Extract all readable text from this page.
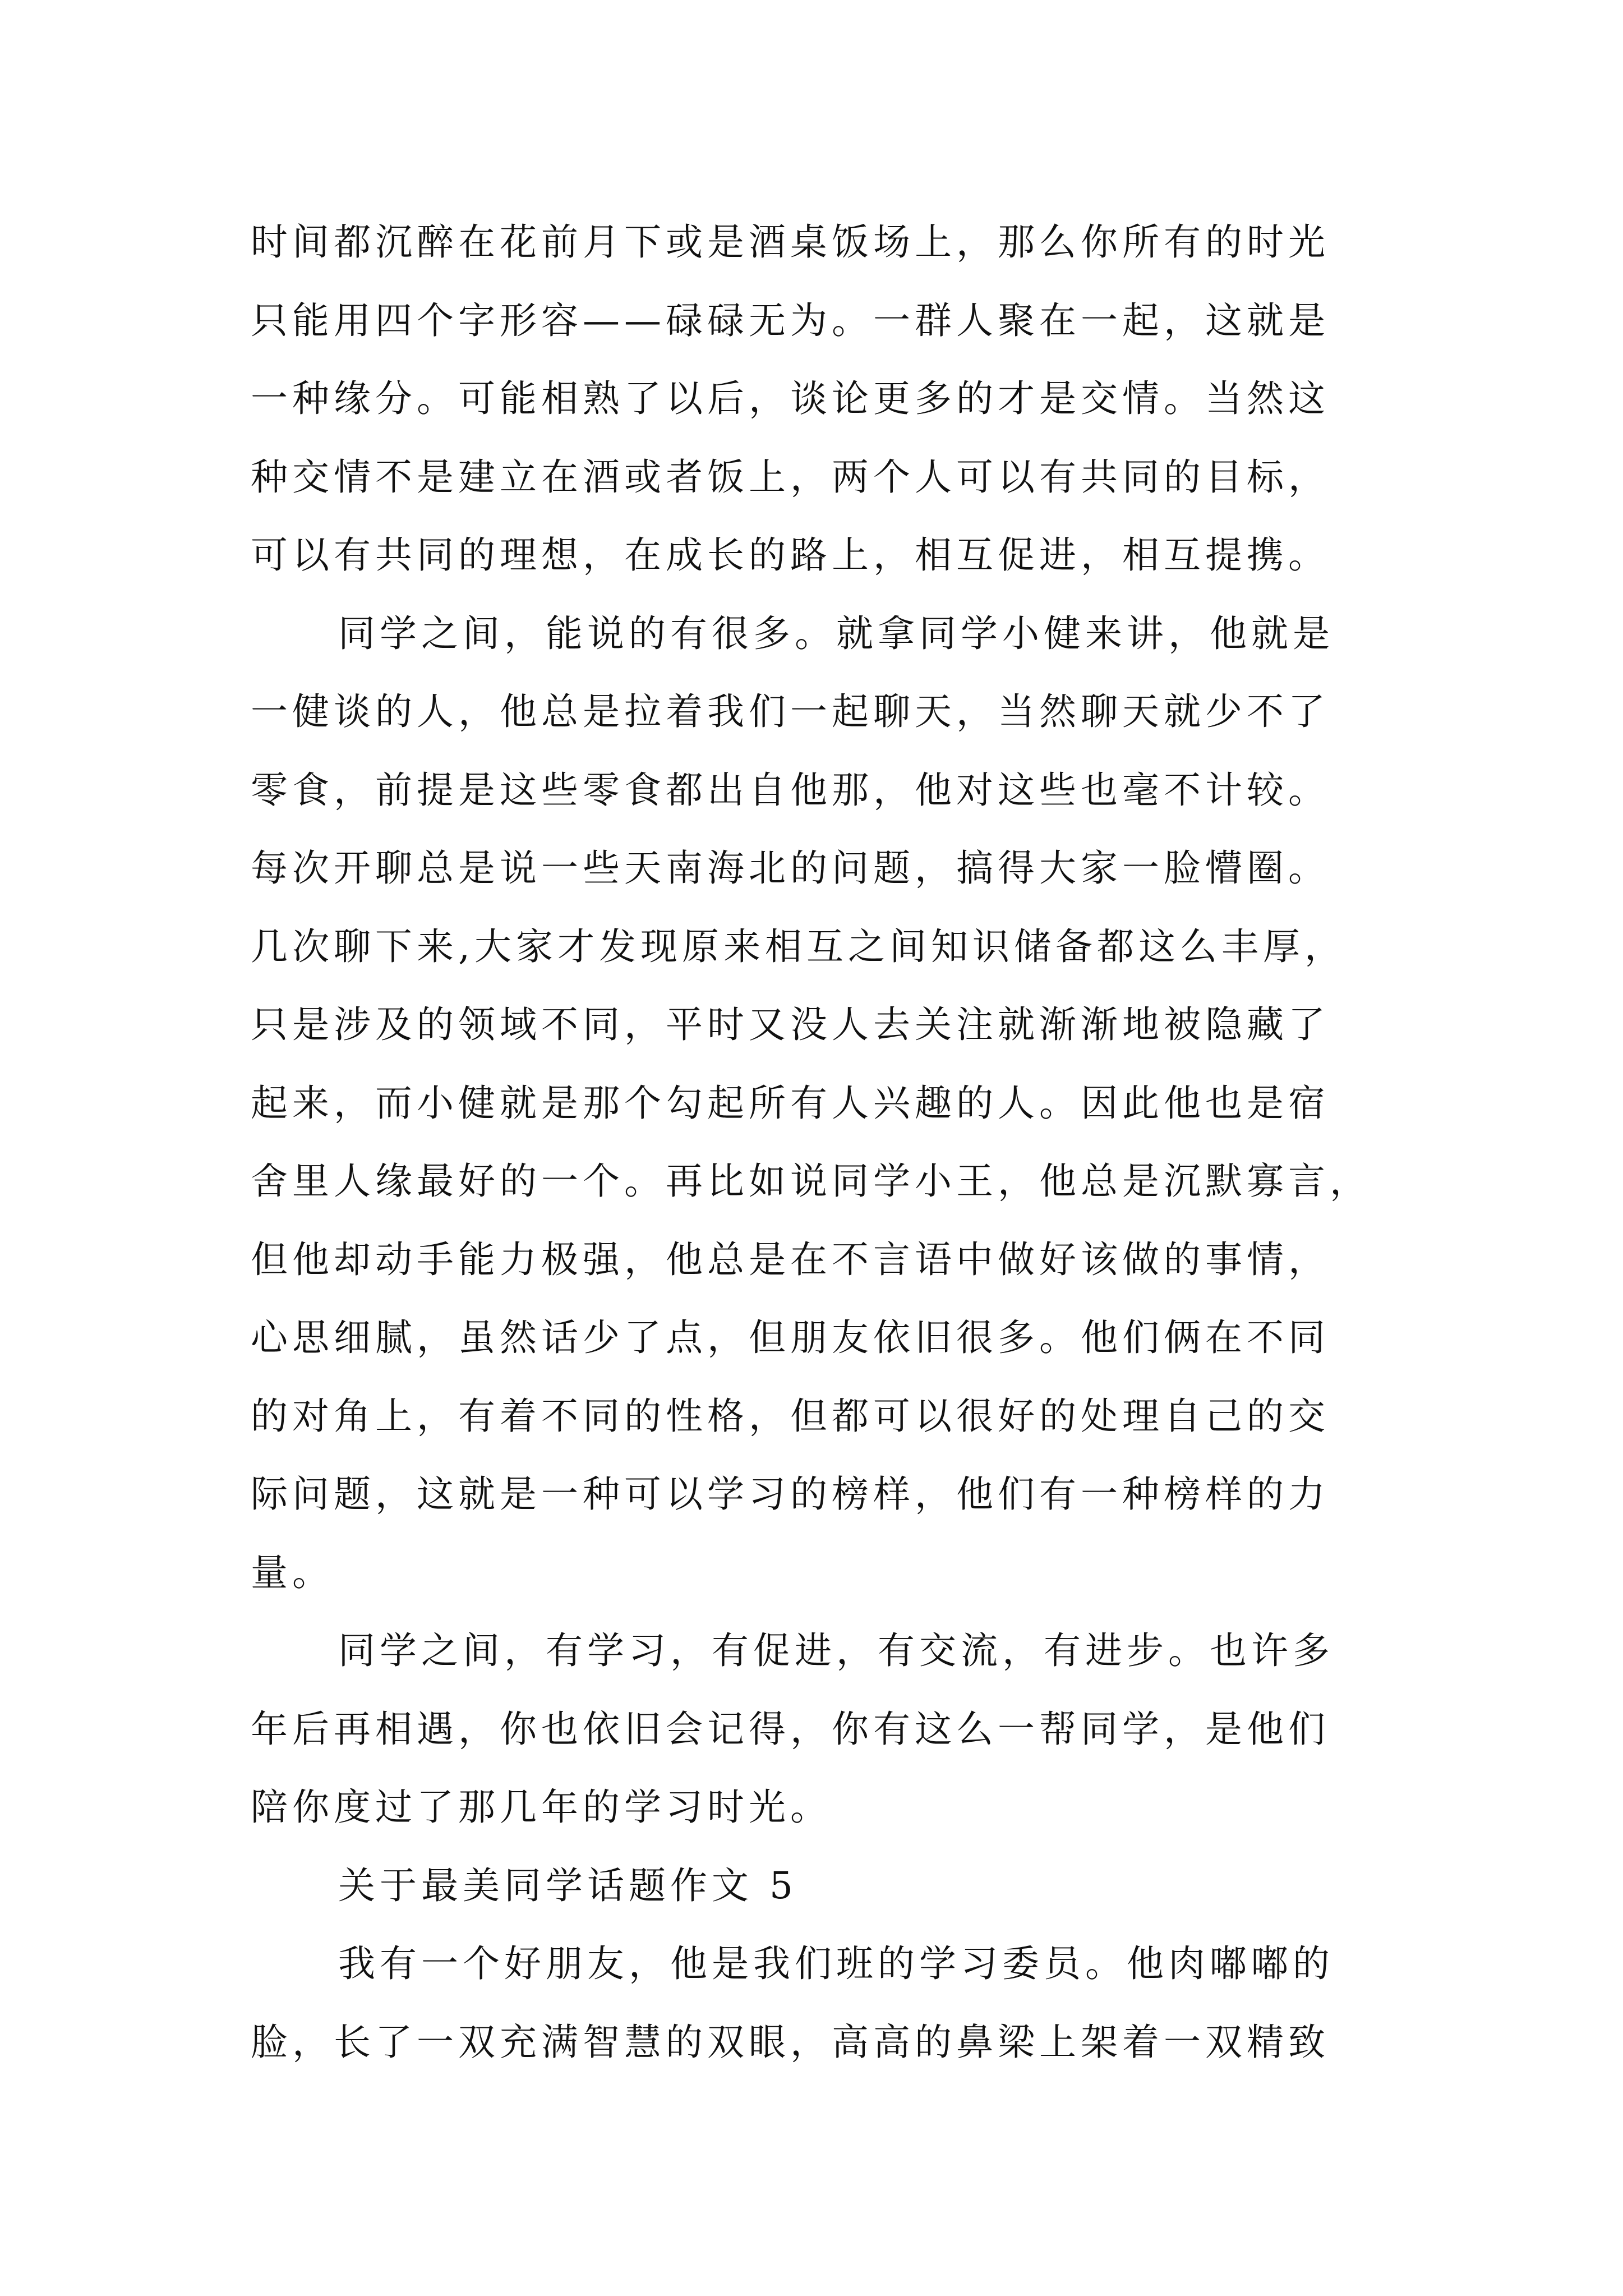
时间都沉醉在花前月下或是酒桌饭场上，那么你所有的时光
只能用四个字形容——碌碌无为。一群人聚在一起，这就是
一种缘分。可能相熟了以后，谈论更多的才是交情。当然这
种交情不是建立在酒或者饭上，两个人可以有共同的目标，
可以有共同的理想，在成长的路上，相互促进，相互提携。
同学之间，能说的有很多。就拿同学小健来讲，他就是
一健谈的人，他总是拉着我们一起聊天，当然聊天就少不了
零食，前提是这些零食都出自他那，他对这些也毫不计较。
每次开聊总是说一些天南海北的问题，搞得大家一脸懵圈。
几次聊下来,大家才发现原来相互之间知识储备都这么丰厚，
只是涉及的领域不同，平时又没人去关注就渐渐地被隐藏了
起来，而小健就是那个勾起所有人兴趣的人。因此他也是宿
舍里人缘最好的一个。再比如说同学小王，他总是沉默寡言，
但他却动手能力极强，他总是在不言语中做好该做的事情，
心思细腻，虽然话少了点，但朋友依旧很多。他们俩在不同
的对角上，有着不同的性格，但都可以很好的处理自己的交
际问题，这就是一种可以学习的榜样，他们有一种榜样的力
量。
同学之间，有学习，有促进，有交流，有进步。也许多
年后再相遇，你也依旧会记得，你有这么一帮同学，是他们
陪你度过了那几年的学习时光。
关于最美同学话题作文 5
我有一个好朋友，他是我们班的学习委员。他肉嘟嘟的
脸，长了一双充满智慧的双眼，高高的鼻梁上架着一双精致
